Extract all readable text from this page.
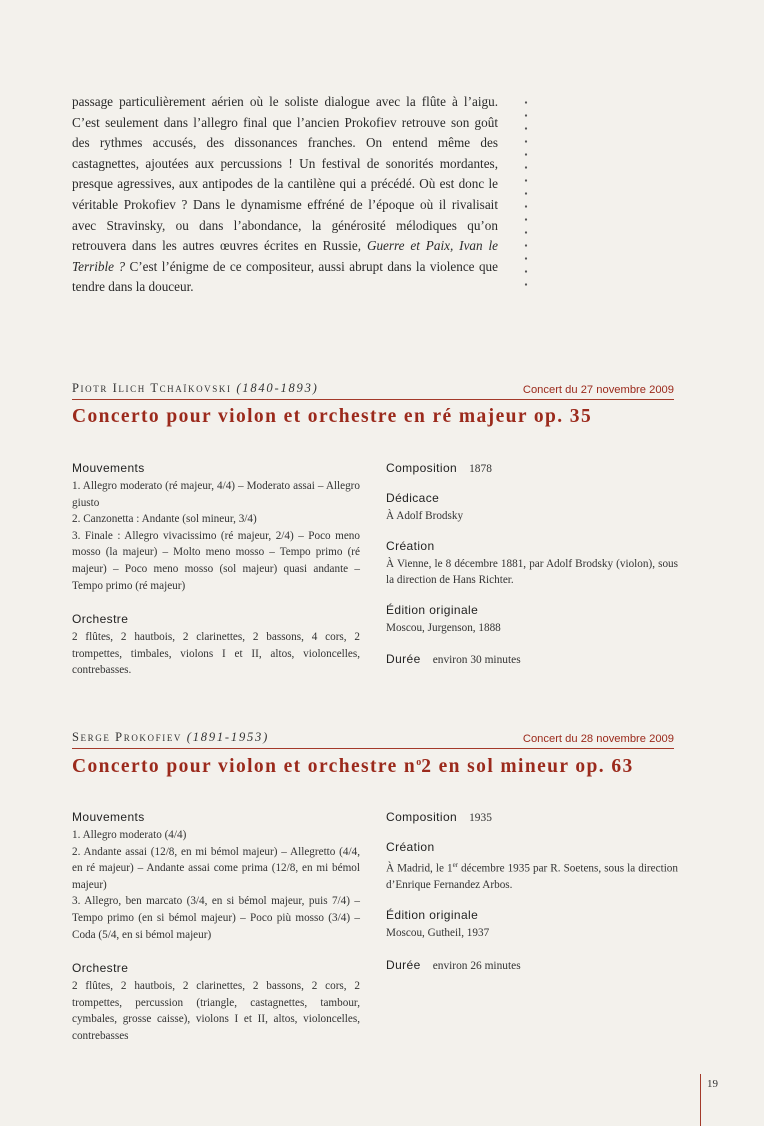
passage particulièrement aérien où le soliste dialogue avec la flûte à l’aigu. C’est seulement dans l’allegro final que l’ancien Prokofiev retrouve son goût des rythmes accusés, des dissonances franches. On entend même des castagnettes, ajoutées aux percussions ! Un festival de sonorités mordantes, presque agressives, aux antipodes de la cantilène qui a précédé. Où est donc le véritable Prokofiev ? Dans le dynamisme effréné de l’époque où il rivalisait avec Stravinsky, ou dans l’abondance, la générosité mélodiques qu’on retrouvera dans les autres œuvres écrites en Russie, Guerre et Paix, Ivan le Terrible ? C’est l’énigme de ce compositeur, aussi abrupt dans la violence que tendre dans la douceur.

Piotr Ilich Tchaïkovski (1840-1893)	Concert du 27 novembre 2009
Concerto pour violon et orchestre en ré majeur op. 35
Mouvements

1. Allegro moderato (ré majeur, 4/4) – Moderato assai – Allegro giusto

2. Canzonetta : Andante (sol mineur, 3/4)

3. Finale : Allegro vivacissimo (ré majeur, 2/4) – Poco meno mosso (la majeur) – Molto meno mosso – Tempo primo (ré majeur) – Poco meno mosso (sol majeur) quasi andante – Tempo primo (ré majeur)

Orchestre
2 flûtes, 2 hautbois, 2 clarinettes, 2 bassons, 4 cors, 2 trompettes, timbales, violons I et II, altos, violoncelles, contrebasses.
Composition 1878
Dédicace
À Adolf Brodsky
Création
À Vienne, le 8 décembre 1881, par Adolf Brodsky (violon), sous la direction de Hans Richter.
Édition originale
Moscou, Jurgenson, 1888
Durée environ 30 minutes
Serge Prokofiev (1891-1953)	Concert du 28 novembre 2009
Concerto pour violon et orchestre $n^o2$ en sol mineur op. 63
Mouvements

1. Allegro moderato (4/4)

2. Andante assai (12/8, en mi bémol majeur) – Allegretto (4/4, en ré majeur) – Andante assai come prima (12/8, en mi bémol majeur)

3. Allegro, ben marcato (3/4, en si bémol majeur, puis 7/4) – Tempo primo (en si bémol majeur) – Poco più mosso (3/4) – Coda (5/4, en si bémol majeur)

Orchestre
2 flûtes, 2 hautbois, 2 clarinettes, 2 bassons, 2 cors, 2 trompettes, percussion (triangle, castagnettes, tambour, cymbales, grosse caisse), violons I et II, altos, violoncelles, contrebasses
Composition 1935
Création
À Madrid, le 1er décembre 1935 par R. Soetens, sous la direction d’Enrique Fernandez Arbos.
Édition originale
Moscou, Gutheil, 1937
Durée environ 26 minutes
19
